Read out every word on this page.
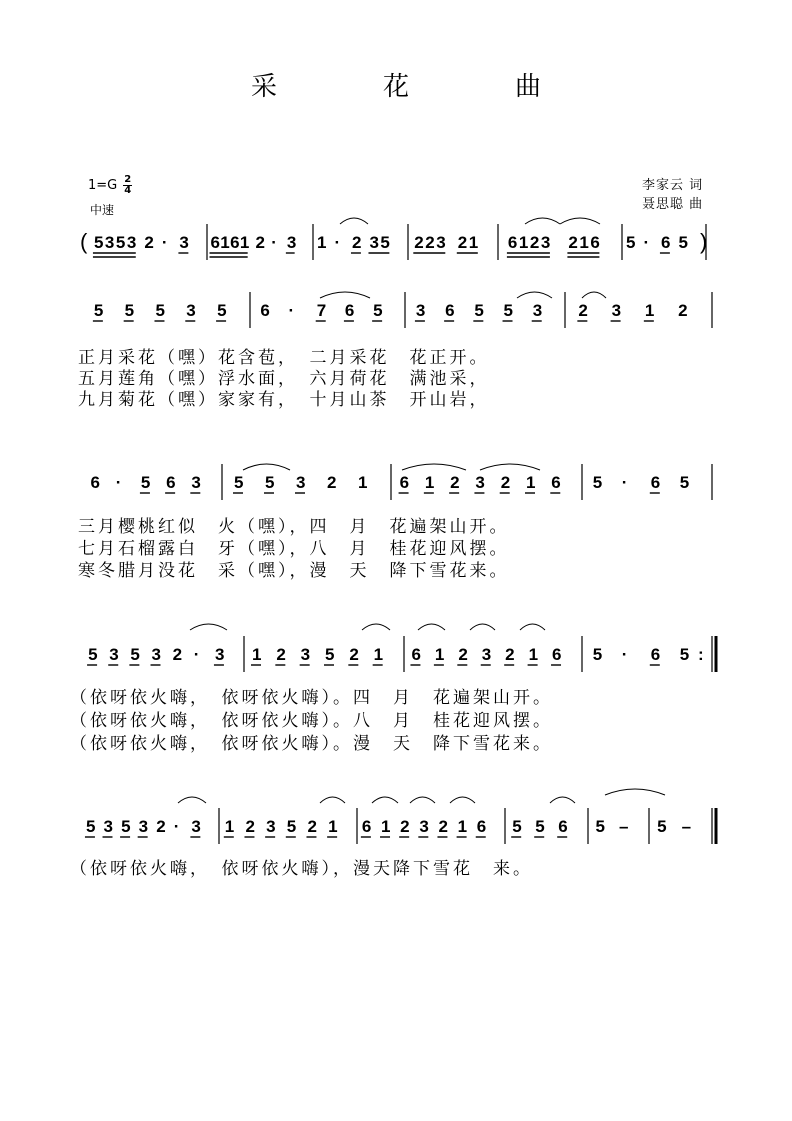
采　花　曲
$1=G \frac{2}{4}$
中速
李家云 词
聂思聪 曲
( 5 3 5 3 2 · 3 6 1 6 1 2 · 3 1 · 2 3 5 2 2 3 2 1 6 1 2 3 2 1 6 5 · 6 5 )
5 5 5 3 5 6 · 7 6 5 3 6 5 5 3 2 3 1 2
6 · 5 6 3 5 5 3 2 1 6 1 2 3 2 1 6 5 · 6 5
5 3 5 3 2 · 3 1 2 3 5 2 1 6 1 2 3 2 1 6 5 · 6 5 :
5 3 5 3 2 · 3 1 2 3 5 2 1 6 1 2 3 2 1 6 5 5 6 5 – 5 –
正月采花（嘿）花含苞，　二月采花　花正开。
五月莲角（嘿）浮水面，　六月荷花　满池采，
九月菊花（嘿）家家有，　十月山茶　开山岩，
三月樱桃红似　火（嘿），四　月　花遍架山开。
七月石榴露白　牙（嘿），八　月　桂花迎风摆。
寒冬腊月没花　采（嘿），漫　天　降下雪花来。
（依呀依火嗨，　依呀依火嗨）。四　月　花遍架山开。
（依呀依火嗨，　依呀依火嗨）。八　月　桂花迎风摆。
（依呀依火嗨，　依呀依火嗨）。漫　天　降下雪花来。
（依呀依火嗨，　依呀依火嗨），漫天降下雪花　来。
